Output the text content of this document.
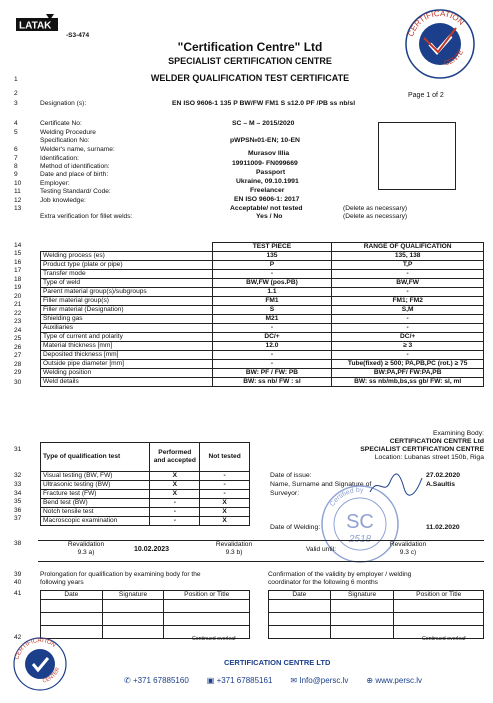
LATAK
-S3-474
"Certification Centre" Ltd
SPECIALIST CERTIFICATION CENTRE
WELDER QUALIFICATION TEST CERTIFICATE
Page 1 of 2
CERTIFICATION
CENTE
1
2
3
4
5
6
7
8
9
10
11
12
13
14
15
16
17
18
19
20
21
22
23
24
25
26
27
28
29
30
Designation (s):	EN ISO 9606-1 135 P BW/FW FM1 S s12.0 PF /PB ss nb/sl
Certificate No:	SC – M – 2015/2020
Welding Procedure
Specification No:	pWPS№01-EN; 10-EN
Welder's name, surname:
Murasov Illia
Identification:
19911009- FN099669
Method of identification:
Passport
Date and place of birth:
Ukraine, 09.10.1991
Employer:
Freelancer
Testing Standard/ Code:
EN ISO 9606-1: 2017
Job knowledge:
Acceptable/ not tested	(Delete as necessary)
Extra verification for fillet welds:	Yes / No	(Delete as necessary)
	TEST PIECE	RANGE OF QUALIFICATION
Welding process (es)	135	135, 138
Product type (plate or pipe)	P	T,P
Transfer mode	-	-
Type of weld	BW,FW (pos.PB)	BW,FW
Parent material group(s)/subgroups	1.1	-
Filler material group(s)	FM1	FM1; FM2
Filler material (Designation)	S	S,M
Shielding gas	M21	-
Auxiliaries	-	-
Type of current and polarity	DC/+	DC/+
Material thickness [mm]	12.0	≥ 3
Deposited thickness [mm]	-	-
Outside pipe diameter [mm]	-	Tube(fixed) ≥ 500; PA,PB,PC (rot.) ≥ 75
Welding position	BW: PF / FW: PB	BW:PA,PF/ FW:PA,PB
Weld details	BW: ss nb/ FW : sl	BW: ss nb/mb,bs,ss gb/ FW: sl, ml
Examining Body:
CERTIFICATION CENTRE Ltd
SPECIALIST CERTIFICATION CENTRE
Location: Lubanas street 150b, Riga
31
32
33
34
35
36
37
Type of qualification test	Performed and accepted	Not tested
Visual testing (BW, FW)	X	-
Ultrasonic testing (BW)	X	-
Fracture test (FW)	X	-
Bend test (BW)	-	X
Notch tensile test	-	X
Macroscopic examination	-	X
Date of issue:	27.02.2020
Name, Surname and Signature of	A.Saultis
Surveyor:
Date of Welding:	11.02.2020
SC
2518
Certified by
38	Revalidation
9.3 a)	10.02.2023
Revalidation
9.3 b)	Valid until:
Revalidation
9.3 c)
39
40
41
Prolongation for qualification by examining body for the
following years
Confirmation of the validity by employer / welding
coordinator for the following 6 months
Date	Signature	Position or Title

			Date	Signature	Position or Title

Continued overleaf	Continued overleaf
42
CERTIFICATION
CENTER
CERTIFICATION CENTRE LTD
✆ +371 67885160 ▣ +371 67885161 ✉ Info@persc.lv ⊕ www.persc.lv
